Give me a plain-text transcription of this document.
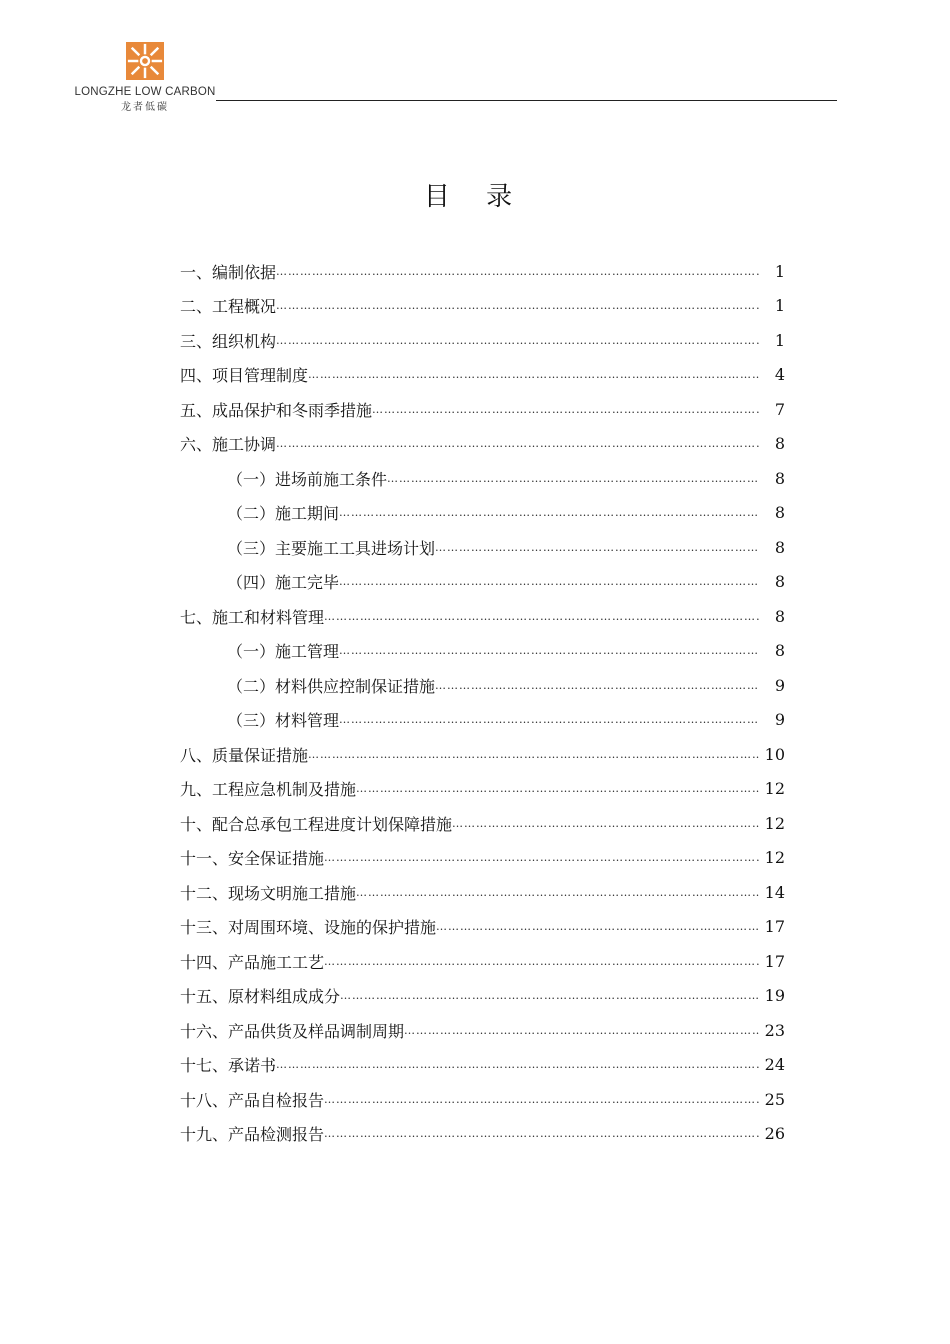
LONGZHE LOW CARBON
龙者低碳
目 录
一、编制依据 …………………………………………………………………………………………………………………………………………………………………	1
二、工程概况 …………………………………………………………………………………………………………………………………………………………………	1
三、组织机构 …………………………………………………………………………………………………………………………………………………………………	1
四、项目管理制度 …………………………………………………………………………………………………………………………………………………………………	4
五、成品保护和冬雨季措施 …………………………………………………………………………………………………………………………………………………………………	7
六、施工协调 …………………………………………………………………………………………………………………………………………………………………	8
（一）进场前施工条件 …………………………………………………………………………………………………………………………………………………………………	8
（二）施工期间 …………………………………………………………………………………………………………………………………………………………………	8
（三）主要施工工具进场计划 …………………………………………………………………………………………………………………………………………………………………	8
（四）施工完毕 …………………………………………………………………………………………………………………………………………………………………	8
七、施工和材料管理 …………………………………………………………………………………………………………………………………………………………………	8
（一）施工管理 …………………………………………………………………………………………………………………………………………………………………	8
（二）材料供应控制保证措施 …………………………………………………………………………………………………………………………………………………………………	9
（三）材料管理 …………………………………………………………………………………………………………………………………………………………………	9
八、质量保证措施 …………………………………………………………………………………………………………………………………………………………………	10
九、工程应急机制及措施 …………………………………………………………………………………………………………………………………………………………………	12
十、配合总承包工程进度计划保障措施 …………………………………………………………………………………………………………………………………………………………………	12
十一、安全保证措施 …………………………………………………………………………………………………………………………………………………………………	12
十二、现场文明施工措施 …………………………………………………………………………………………………………………………………………………………………	14
十三、对周围环境、设施的保护措施 …………………………………………………………………………………………………………………………………………………………………	17
十四、产品施工工艺 …………………………………………………………………………………………………………………………………………………………………	17
十五、原材料组成成分 …………………………………………………………………………………………………………………………………………………………………	19
十六、产品供货及样品调制周期 …………………………………………………………………………………………………………………………………………………………………	23
十七、承诺书 …………………………………………………………………………………………………………………………………………………………………	24
十八、产品自检报告 …………………………………………………………………………………………………………………………………………………………………	25
十九、产品检测报告 …………………………………………………………………………………………………………………………………………………………………	26
